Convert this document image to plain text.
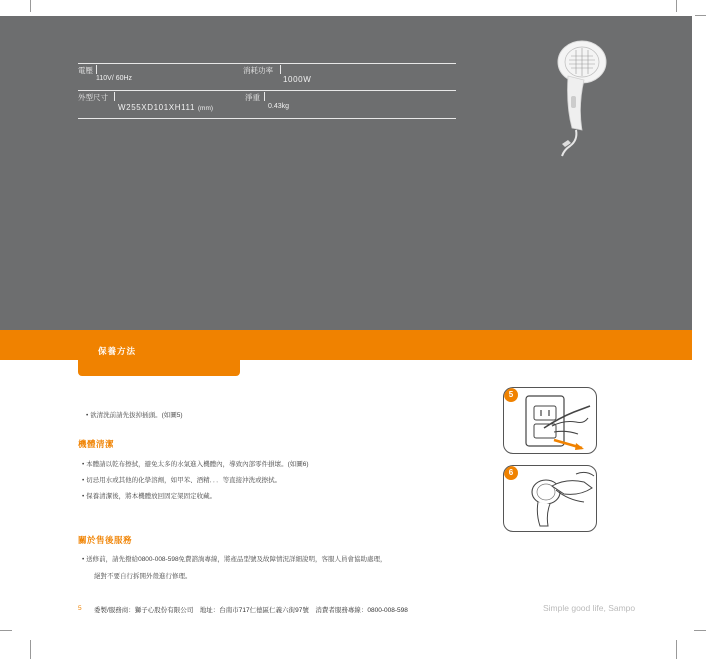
電壓
110V/ 60Hz
消耗功率
1000W
外型尺寸
W255XD101XH111 (mm)
淨重
0.43kg
保養方法
• 欲清洗前請先拔掉插頭。(如圖5)
機體清潔
• 本體請以乾布擦拭，避免太多的水氣進入機體內，導致內部零件損壞。(如圖6)
• 切忌用水或其他的化學溶劑，如甲苯、酒精．．．等直接沖洗或擦拭。
• 保養清潔後，將本機體放回固定架固定收藏。
關於售後服務
• 送修前，請先撥給0800-008-598免費諮詢專線，將產品型號及故障情況詳細說明，客服人員會協助處理，
絕對不要自行拆開外殼進行修理。
5
6
5 委製/服務商：獅子心股份有限公司　地址：台南市717仁德區仁義六街97號　消費者服務專線：0800-008-598	Simple good life, Sampo
